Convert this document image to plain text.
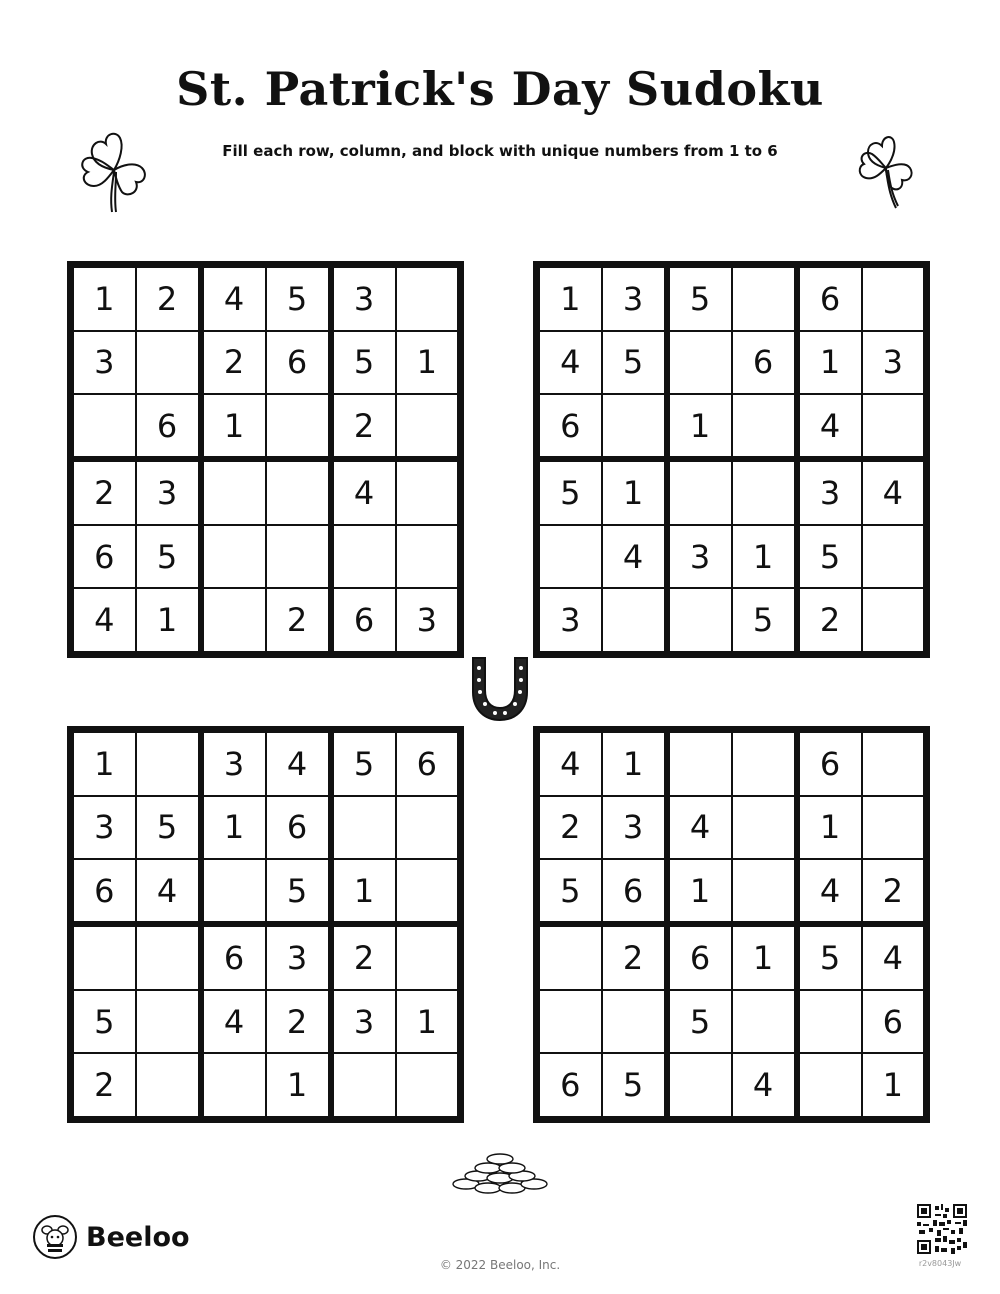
St. Patrick's Day Sudoku

Fill each row, column, and block with unique numbers from 1 to 6

1	2	4	5	3	
3		2	6	5	1
	6	1		2	
2	3			4	
6	5				
4	1		2	6	3
1	3	5		6	
4	5		6	1	3
6		1		4	
5	1			3	4
	4	3	1	5	
3			5	2	
1		3	4	5	6
3	5	1	6		
6	4		5	1	
		6	3	2	
5		4	2	3	1
2			1		
4	1			6	
2	3	4		1	
5	6	1		4	2
	2	6	1	5	4
		5			6
6	5		4		1
Beeloo
© 2022 Beeloo, Inc.	r2v8043Jw
